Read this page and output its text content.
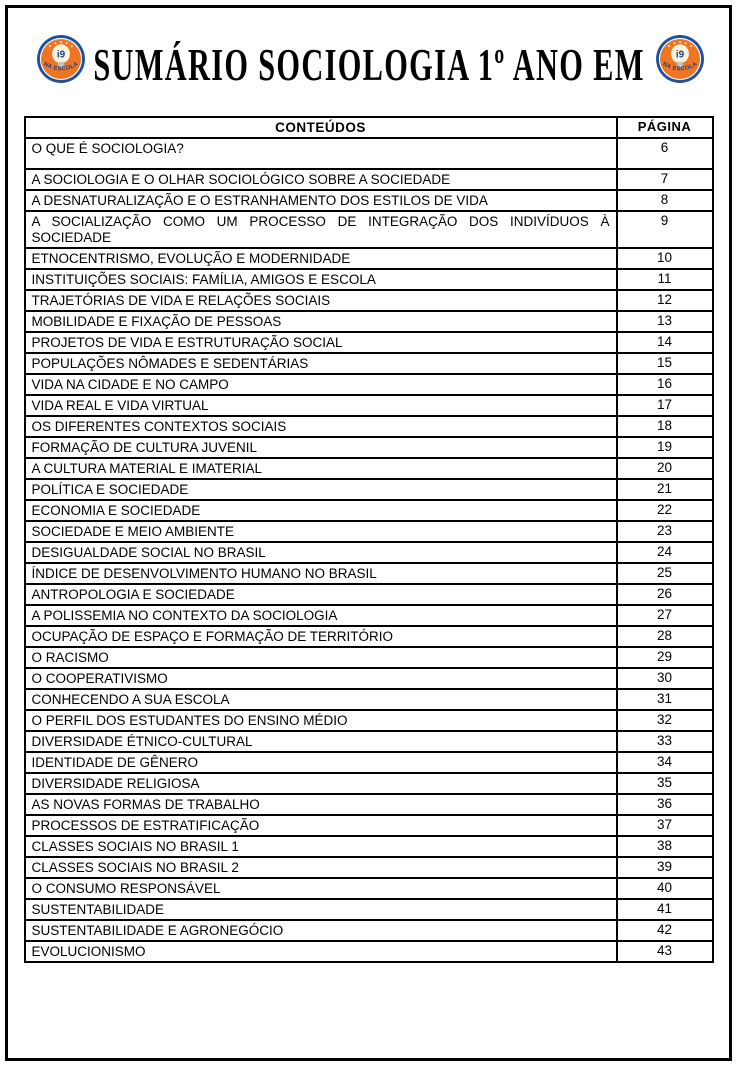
i9
NA ESCOLA SUMÁRIO SOCIOLOGIA 1º ANO EM	i9
NA ESCOLA
CONTEÚDOS	PÁGINA
O QUE É SOCIOLOGIA?	6
A SOCIOLOGIA E O OLHAR SOCIOLÓGICO SOBRE A SOCIEDADE	7
A DESNATURALIZAÇÃO E O ESTRANHAMENTO DOS ESTILOS DE VIDA	8
A SOCIALIZAÇÃO COMO UM PROCESSO DE INTEGRAÇÃO DOS INDIVÍDUOS À SOCIEDADE	9
ETNOCENTRISMO, EVOLUÇÃO E MODERNIDADE	10
INSTITUIÇÕES SOCIAIS: FAMÍLIA, AMIGOS E ESCOLA	11
TRAJETÓRIAS DE VIDA E RELAÇÕES SOCIAIS	12
MOBILIDADE E FIXAÇÃO DE PESSOAS	13
PROJETOS DE VIDA E ESTRUTURAÇÃO SOCIAL	14
POPULAÇÕES NÔMADES E SEDENTÁRIAS	15
VIDA NA CIDADE E NO CAMPO	16
VIDA REAL E VIDA VIRTUAL	17
OS DIFERENTES CONTEXTOS SOCIAIS	18
FORMAÇÃO DE CULTURA JUVENIL	19
A CULTURA MATERIAL E IMATERIAL	20
POLÍTICA E SOCIEDADE	21
ECONOMIA E SOCIEDADE	22
SOCIEDADE E MEIO AMBIENTE	23
DESIGUALDADE SOCIAL NO BRASIL	24
ÍNDICE DE DESENVOLVIMENTO HUMANO NO BRASIL	25
ANTROPOLOGIA E SOCIEDADE	26
A POLISSEMIA NO CONTEXTO DA SOCIOLOGIA	27
OCUPAÇÃO DE ESPAÇO E FORMAÇÃO DE TERRITÓRIO	28
O RACISMO	29
O COOPERATIVISMO	30
CONHECENDO A SUA ESCOLA	31
O PERFIL DOS ESTUDANTES DO ENSINO MÉDIO	32
DIVERSIDADE ÉTNICO-CULTURAL	33
IDENTIDADE DE GÊNERO	34
DIVERSIDADE RELIGIOSA	35
AS NOVAS FORMAS DE TRABALHO	36
PROCESSOS DE ESTRATIFICAÇÃO	37
CLASSES SOCIAIS NO BRASIL 1	38
CLASSES SOCIAIS NO BRASIL 2	39
O CONSUMO RESPONSÁVEL	40
SUSTENTABILIDADE	41
SUSTENTABILIDADE E AGRONEGÓCIO	42
EVOLUCIONISMO	43
